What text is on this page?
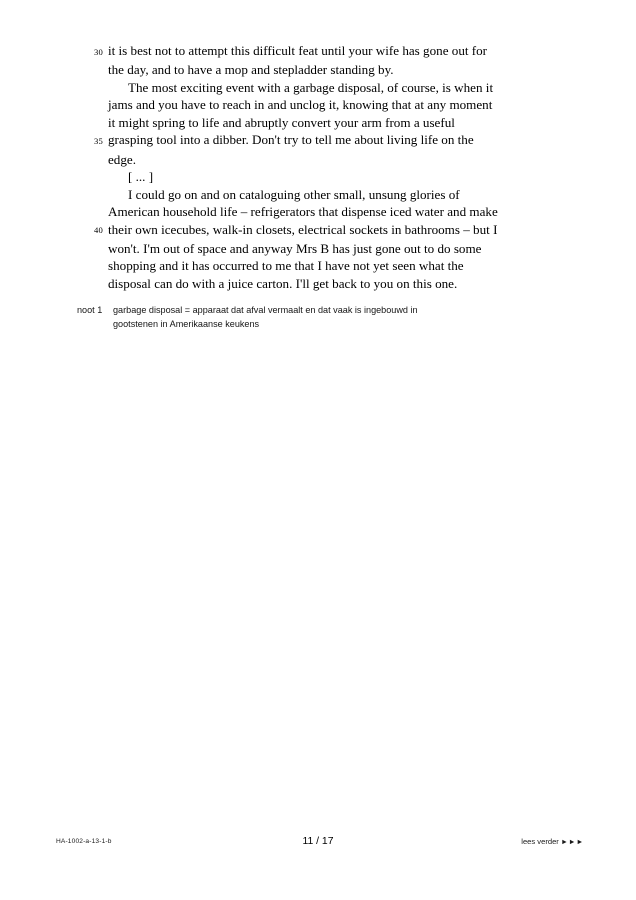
30 it is best not to attempt this difficult feat until your wife has gone out for
the day, and to have a mop and stepladder standing by.
The most exciting event with a garbage disposal, of course, is when it
jams and you have to reach in and unclog it, knowing that at any moment
it might spring to life and abruptly convert your arm from a useful
35 grasping tool into a dibber. Don't try to tell me about living life on the
edge.
[ ... ]
I could go on and on cataloguing other small, unsung glories of
American household life – refrigerators that dispense iced water and make
40 their own icecubes, walk-in closets, electrical sockets in bathrooms – but I
won't. I'm out of space and anyway Mrs B has just gone out to do some
shopping and it has occurred to me that I have not yet seen what the
disposal can do with a juice carton. I'll get back to you on this one.
noot 1	garbage disposal = apparaat dat afval vermaalt en dat vaak is ingebouwd in
gootstenen in Amerikaanse keukens
HA-1002-a-13-1-b	11 / 17	lees verder ►►►
